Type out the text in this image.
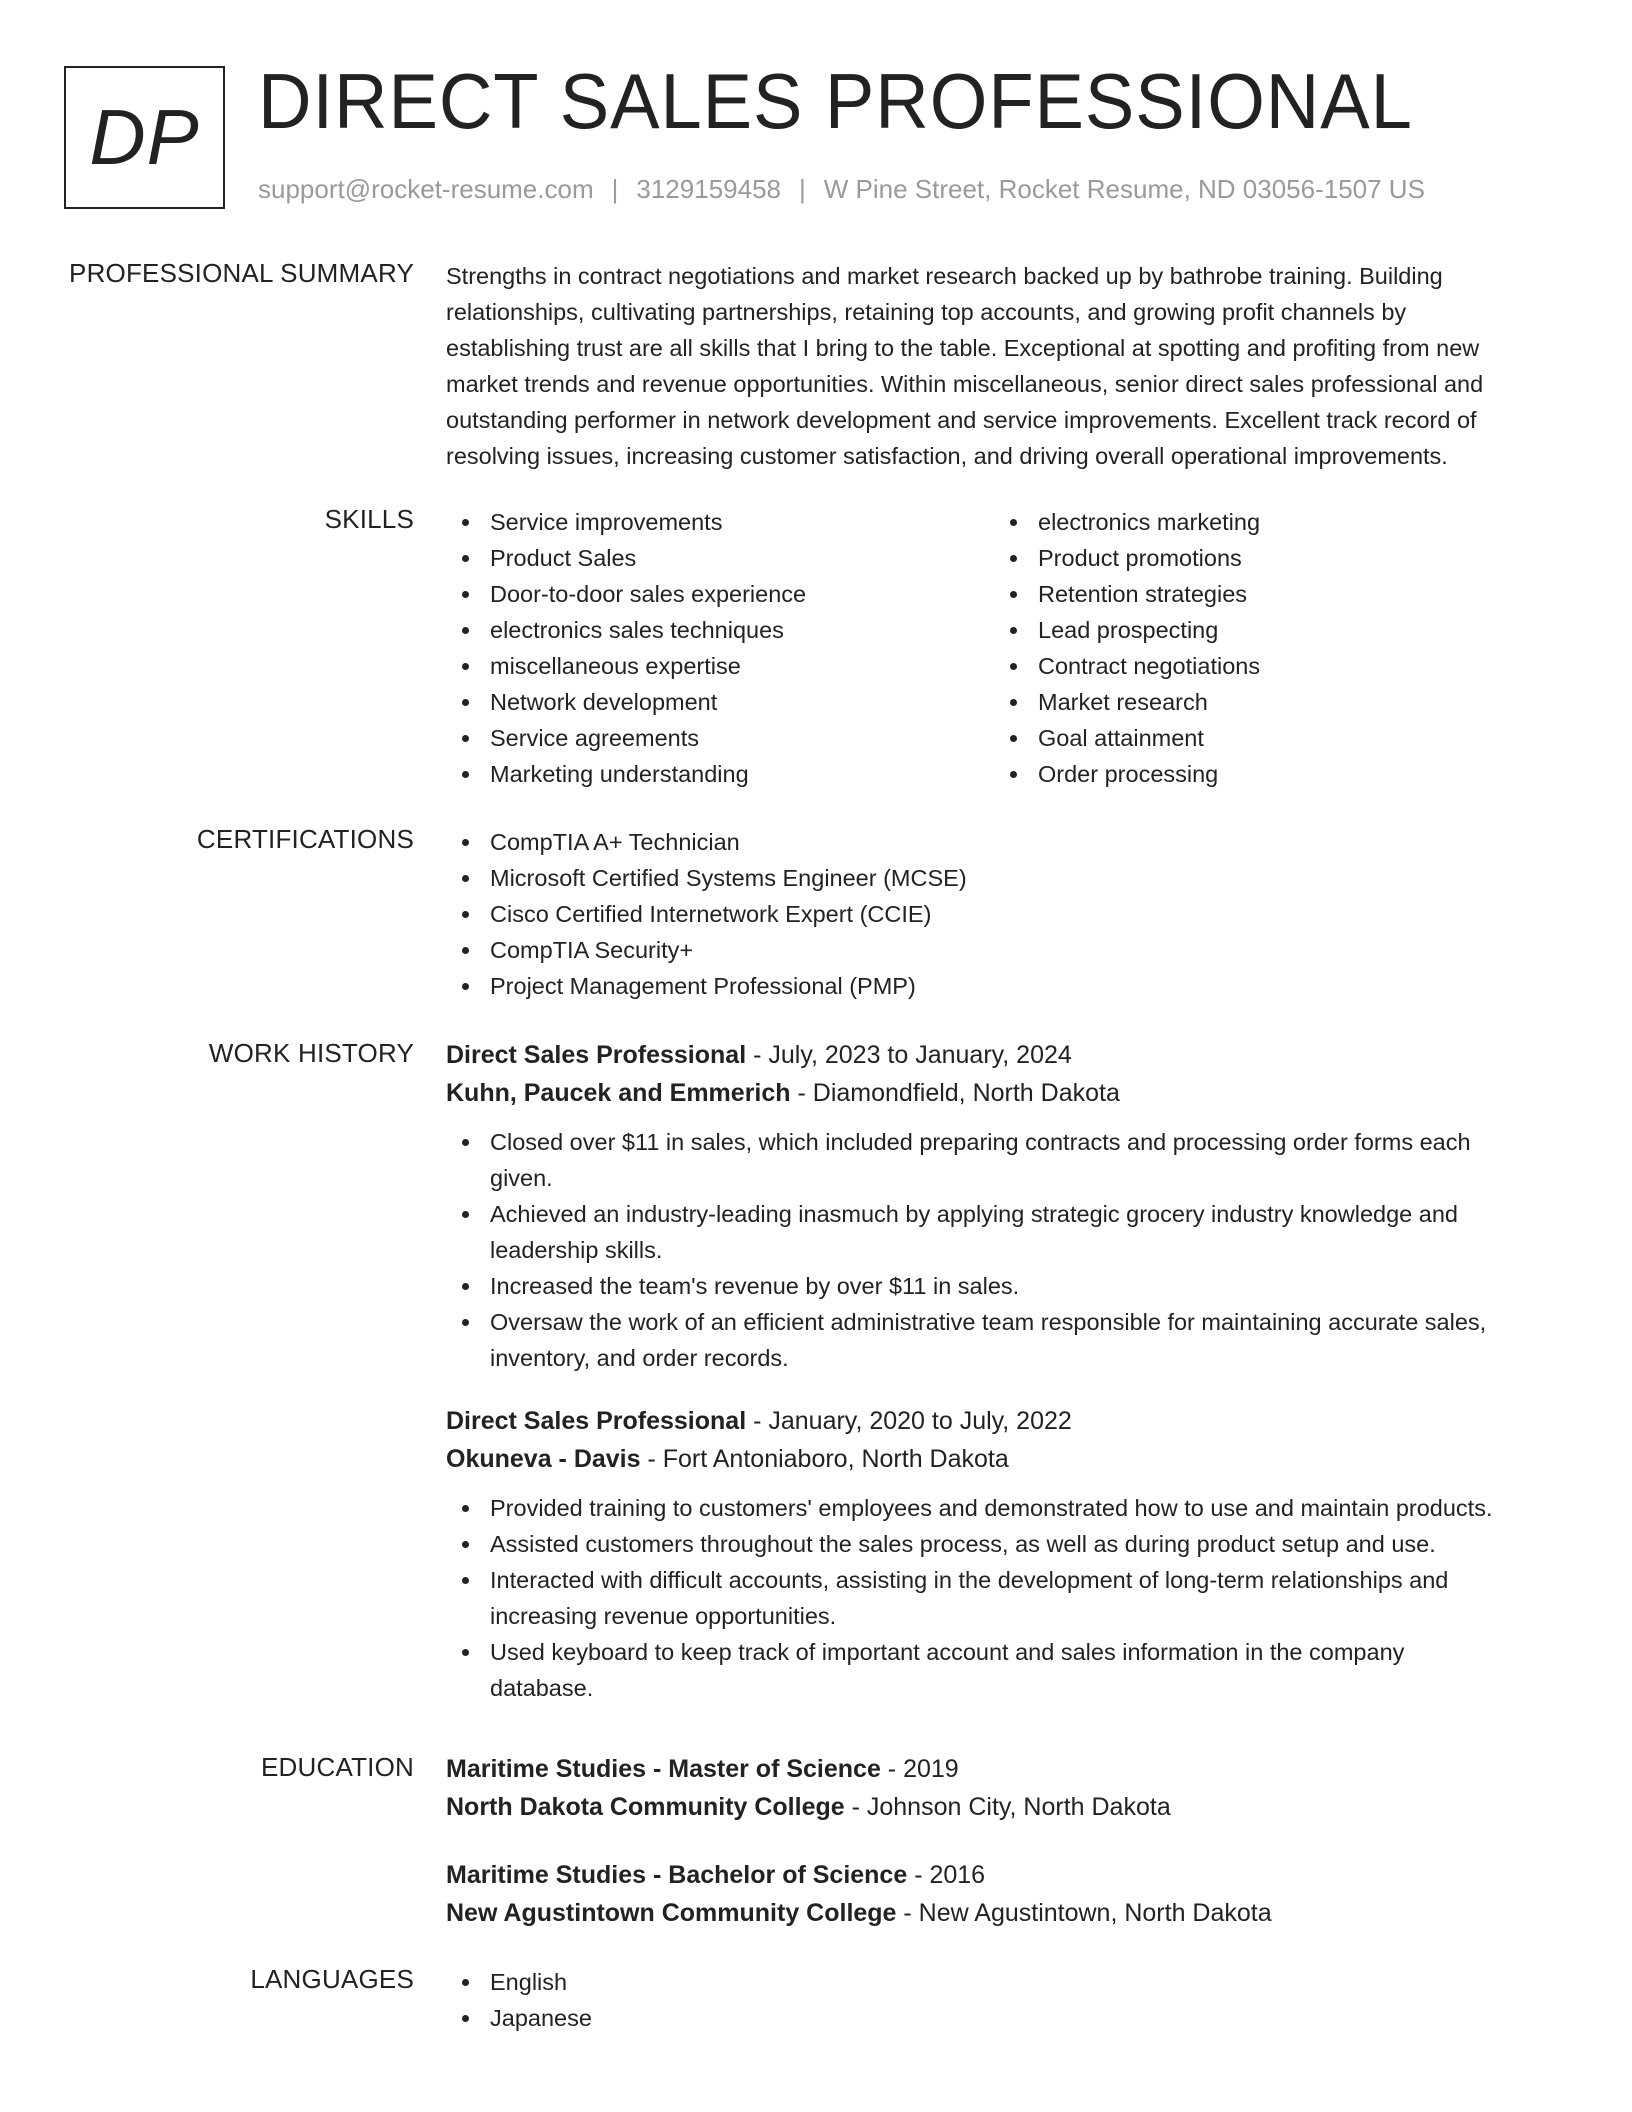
DP DIRECT SALES PROFESSIONAL
support@rocket-resume.com | 3129159458 | W Pine Street, Rocket Resume, ND 03056-1507 US
PROFESSIONAL SUMMARY Strengths in contract negotiations and market research backed up by bathrobe training. Building
relationships, cultivating partnerships, retaining top accounts, and growing profit channels by
establishing trust are all skills that I bring to the table. Exceptional at spotting and profiting from new
market trends and revenue opportunities. Within miscellaneous, senior direct sales professional and
outstanding performer in network development and service improvements. Excellent track record of
resolving issues, increasing customer satisfaction, and driving overall operational improvements.
SKILLS	Service improvements
Product Sales
Door-to-door sales experience
electronics sales techniques
miscellaneous expertise
Network development
Service agreements
Marketing understanding
electronics marketing
Product promotions
Retention strategies
Lead prospecting
Contract negotiations
Market research
Goal attainment
Order processing
CERTIFICATIONS	CompTIA A+ Technician
Microsoft Certified Systems Engineer (MCSE)
Cisco Certified Internetwork Expert (CCIE)
CompTIA Security+
Project Management Professional (PMP)
WORK HISTORY Direct Sales Professional - July, 2023 to January, 2024
Kuhn, Paucek and Emmerich - Diamondfield, North Dakota
Closed over $11 in sales, which included preparing contracts and processing order forms each
given.
Achieved an industry-leading inasmuch by applying strategic grocery industry knowledge and
leadership skills.
Increased the team's revenue by over $11 in sales.
Oversaw the work of an efficient administrative team responsible for maintaining accurate sales,
inventory, and order records.
Direct Sales Professional - January, 2020 to July, 2022
Okuneva - Davis - Fort Antoniaboro, North Dakota
Provided training to customers' employees and demonstrated how to use and maintain products.
Assisted customers throughout the sales process, as well as during product setup and use.
Interacted with difficult accounts, assisting in the development of long-term relationships and
increasing revenue opportunities.
Used keyboard to keep track of important account and sales information in the company
database.
EDUCATION Maritime Studies - Master of Science - 2019
North Dakota Community College - Johnson City, North Dakota
Maritime Studies - Bachelor of Science - 2016
New Agustintown Community College - New Agustintown, North Dakota
LANGUAGES	English
Japanese
